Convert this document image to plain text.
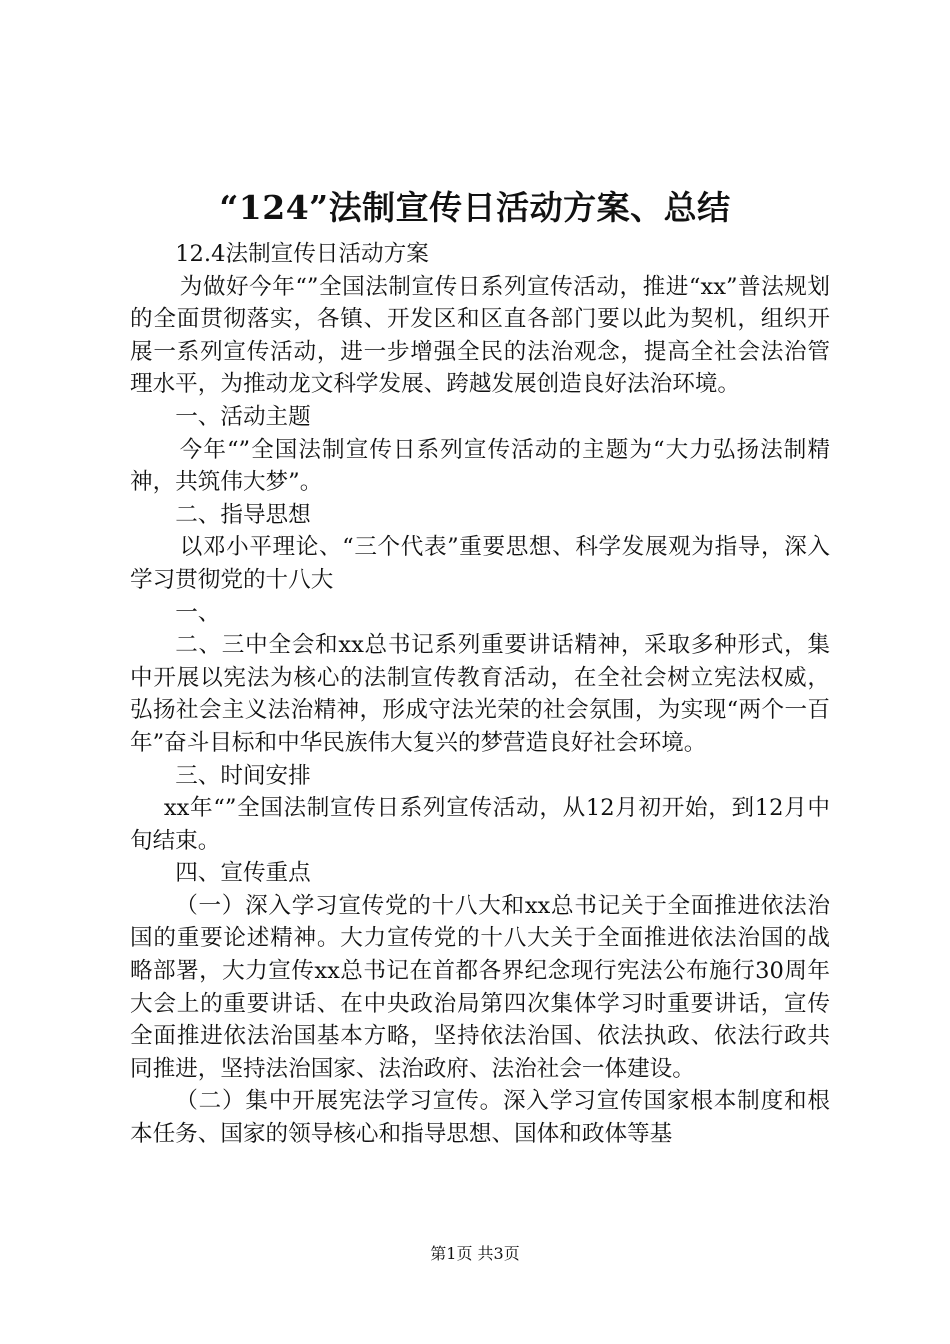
“124”法制宣传日活动方案、总结

12.4法制宣传日活动方案

为做好今年“”全国法制宣传日系列宣传活动，推进“xx”普法规划的全面贯彻落实，各镇、开发区和区直各部门要以此为契机，组织开展一系列宣传活动，进一步增强全民的法治观念，提高全社会法治管理水平，为推动龙文科学发展、跨越发展创造良好法治环境。

一、活动主题

今年“”全国法制宣传日系列宣传活动的主题为“大力弘扬法制精神，共筑伟大梦”。

二、指导思想

以邓小平理论、“三个代表”重要思想、科学发展观为指导，深入学习贯彻党的十八大

一、

二、三中全会和xx总书记系列重要讲话精神，采取多种形式，集中开展以宪法为核心的法制宣传教育活动，在全社会树立宪法权威，弘扬社会主义法治精神，形成守法光荣的社会氛围，为实现“两个一百年”奋斗目标和中华民族伟大复兴的梦营造良好社会环境。

三、时间安排

xx年“”全国法制宣传日系列宣传活动，从12月初开始，到12月中旬结束。

四、宣传重点

（一）深入学习宣传党的十八大和xx总书记关于全面推进依法治国的重要论述精神。大力宣传党的十八大关于全面推进依法治国的战略部署，大力宣传xx总书记在首都各界纪念现行宪法公布施行30周年大会上的重要讲话、在中央政治局第四次集体学习时重要讲话，宣传全面推进依法治国基本方略，坚持依法治国、依法执政、依法行政共同推进，坚持法治国家、法治政府、法治社会一体建设。

（二）集中开展宪法学习宣传。深入学习宣传国家根本制度和根本任务、国家的领导核心和指导思想、国体和政体等基

第1页 共3页
